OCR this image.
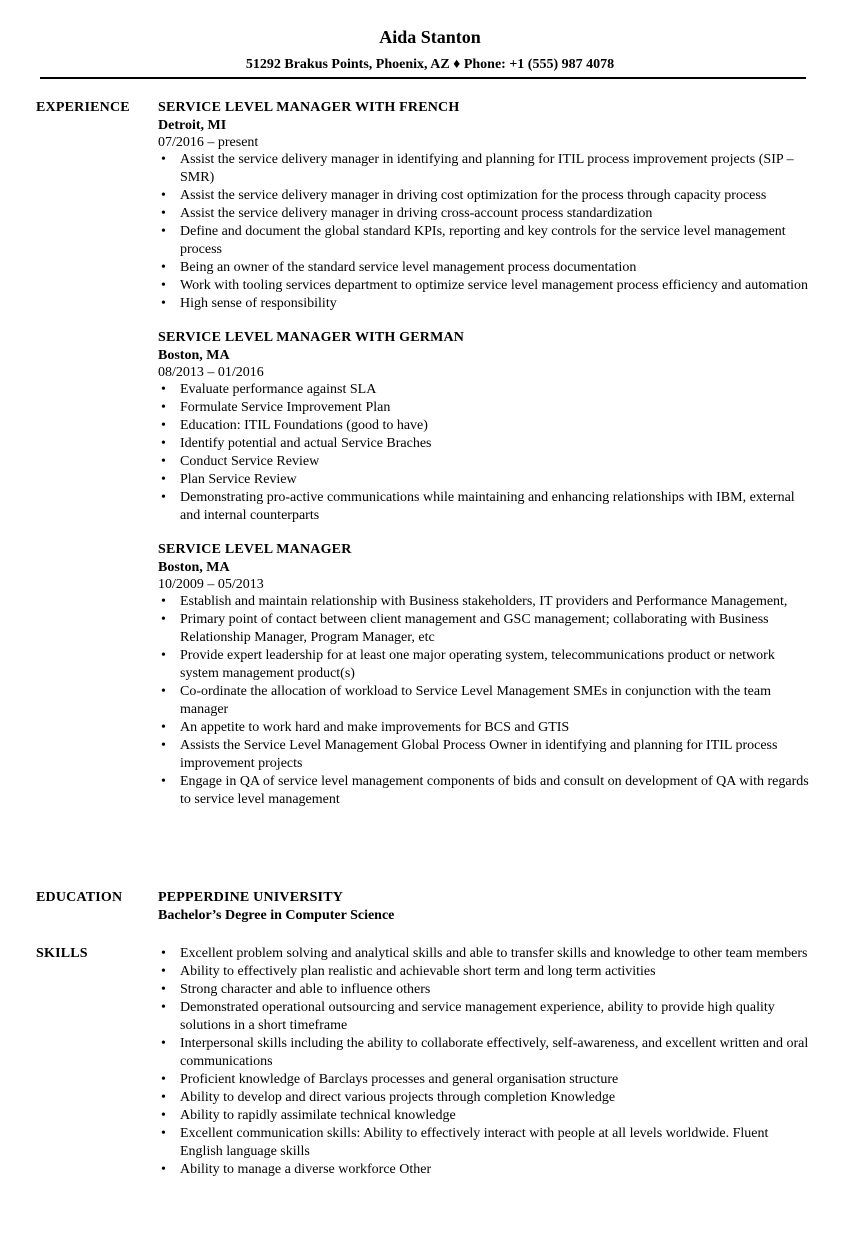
Aida Stanton
51292 Brakus Points, Phoenix, AZ ♦ Phone: +1 (555) 987 4078
EXPERIENCE SERVICE LEVEL MANAGER WITH FRENCH
Detroit, MI
07/2016 – present
• Assist the service delivery manager in identifying and planning for ITIL process improvement projects (SIP –SMR)
• Assist the service delivery manager in driving cost optimization for the process through capacity process
• Assist the service delivery manager in driving cross-account process standardization
• Define and document the global standard KPIs, reporting and key controls for the service level management process
• Being an owner of the standard service level management process documentation
• Work with tooling services department to optimize service level management process efficiency and automation
• High sense of responsibility
SERVICE LEVEL MANAGER WITH GERMAN
Boston, MA
08/2013 – 01/2016
• Evaluate performance against SLA
• Formulate Service Improvement Plan
• Education: ITIL Foundations (good to have)
• Identify potential and actual Service Braches
• Conduct Service Review
• Plan Service Review
• Demonstrating pro-active communications while maintaining and enhancing relationships with IBM, external and internal counterparts
SERVICE LEVEL MANAGER
Boston, MA
10/2009 – 05/2013
• Establish and maintain relationship with Business stakeholders, IT providers and Performance Management,
• Primary point of contact between client management and GSC management; collaborating with Business Relationship Manager, Program Manager, etc
• Provide expert leadership for at least one major operating system, telecommunications product or network system management product(s)
• Co-ordinate the allocation of workload to Service Level Management SMEs in conjunction with the team manager
• An appetite to work hard and make improvements for BCS and GTIS
• Assists the Service Level Management Global Process Owner in identifying and planning for ITIL process improvement projects
• Engage in QA of service level management components of bids and consult on development of QA with regards to service level management
EDUCATION	PEPPERDINE UNIVERSITY
Bachelor’s Degree in Computer Science
SKILLS
•	Excellent problem solving and analytical skills and able to transfer skills and knowledge to other team members
• Ability to effectively plan realistic and achievable short term and long term activities
• Strong character and able to influence others
• Demonstrated operational outsourcing and service management experience, ability to provide high quality solutions in a short timeframe
• Interpersonal skills including the ability to collaborate effectively, self-awareness, and excellent written and oral communications
• Proficient knowledge of Barclays processes and general organisation structure
• Ability to develop and direct various projects through completion Knowledge
• Ability to rapidly assimilate technical knowledge
• Excellent communication skills: Ability to effectively interact with people at all levels worldwide. Fluent English language skills
• Ability to manage a diverse workforce Other
